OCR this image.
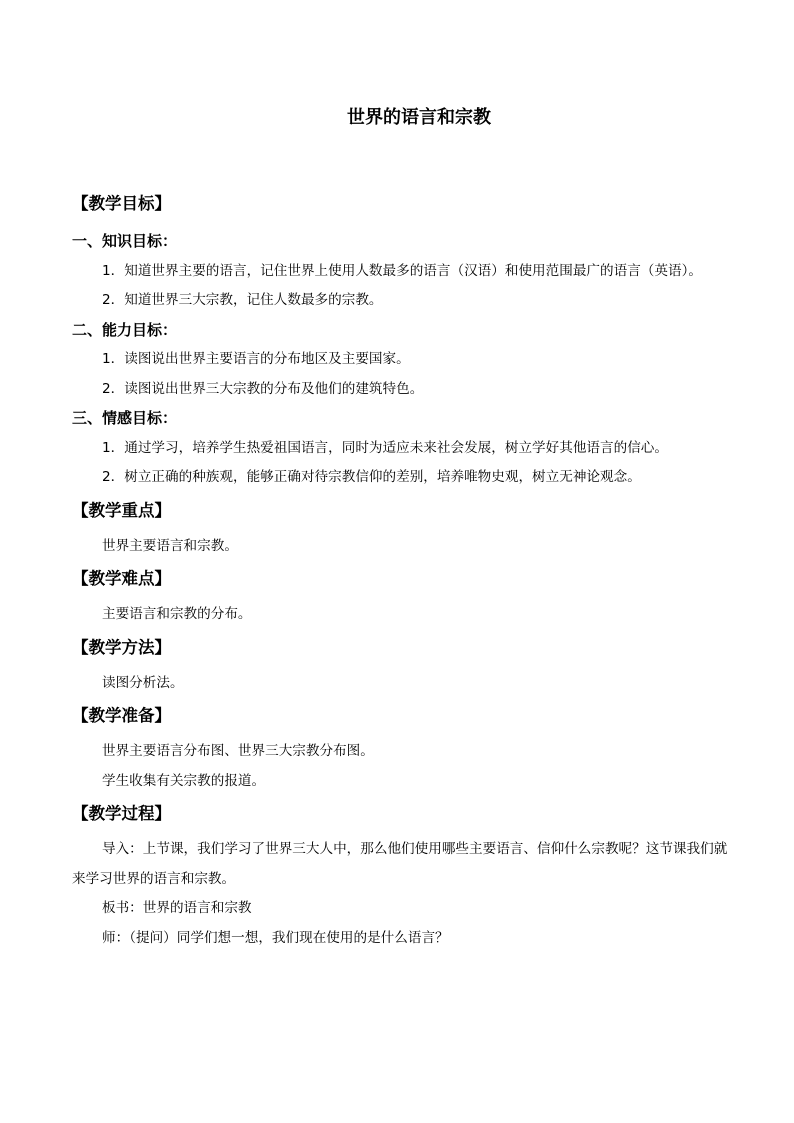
世界的语言和宗教
【教学目标】
一、知识目标：

1．知道世界主要的语言，记住世界上使用人数最多的语言（汉语）和使用范围最广的语言（英语）。

2．知道世界三大宗教，记住人数最多的宗教。

二、能力目标：

1．读图说出世界主要语言的分布地区及主要国家。

2．读图说出世界三大宗教的分布及他们的建筑特色。

三、情感目标：

1．通过学习，培养学生热爱祖国语言，同时为适应未来社会发展，树立学好其他语言的信心。

2．树立正确的种族观，能够正确对待宗教信仰的差别，培养唯物史观，树立无神论观念。

【教学重点】

世界主要语言和宗教。

【教学难点】

主要语言和宗教的分布。

【教学方法】

读图分析法。

【教学准备】

世界主要语言分布图、世界三大宗教分布图。

学生收集有关宗教的报道。

【教学过程】

导入：上节课，我们学习了世界三大人中，那么他们使用哪些主要语言、信仰什么宗教呢？这节课我们就来学习世界的语言和宗教。

板书：世界的语言和宗教

师：（提问）同学们想一想，我们现在使用的是什么语言？
